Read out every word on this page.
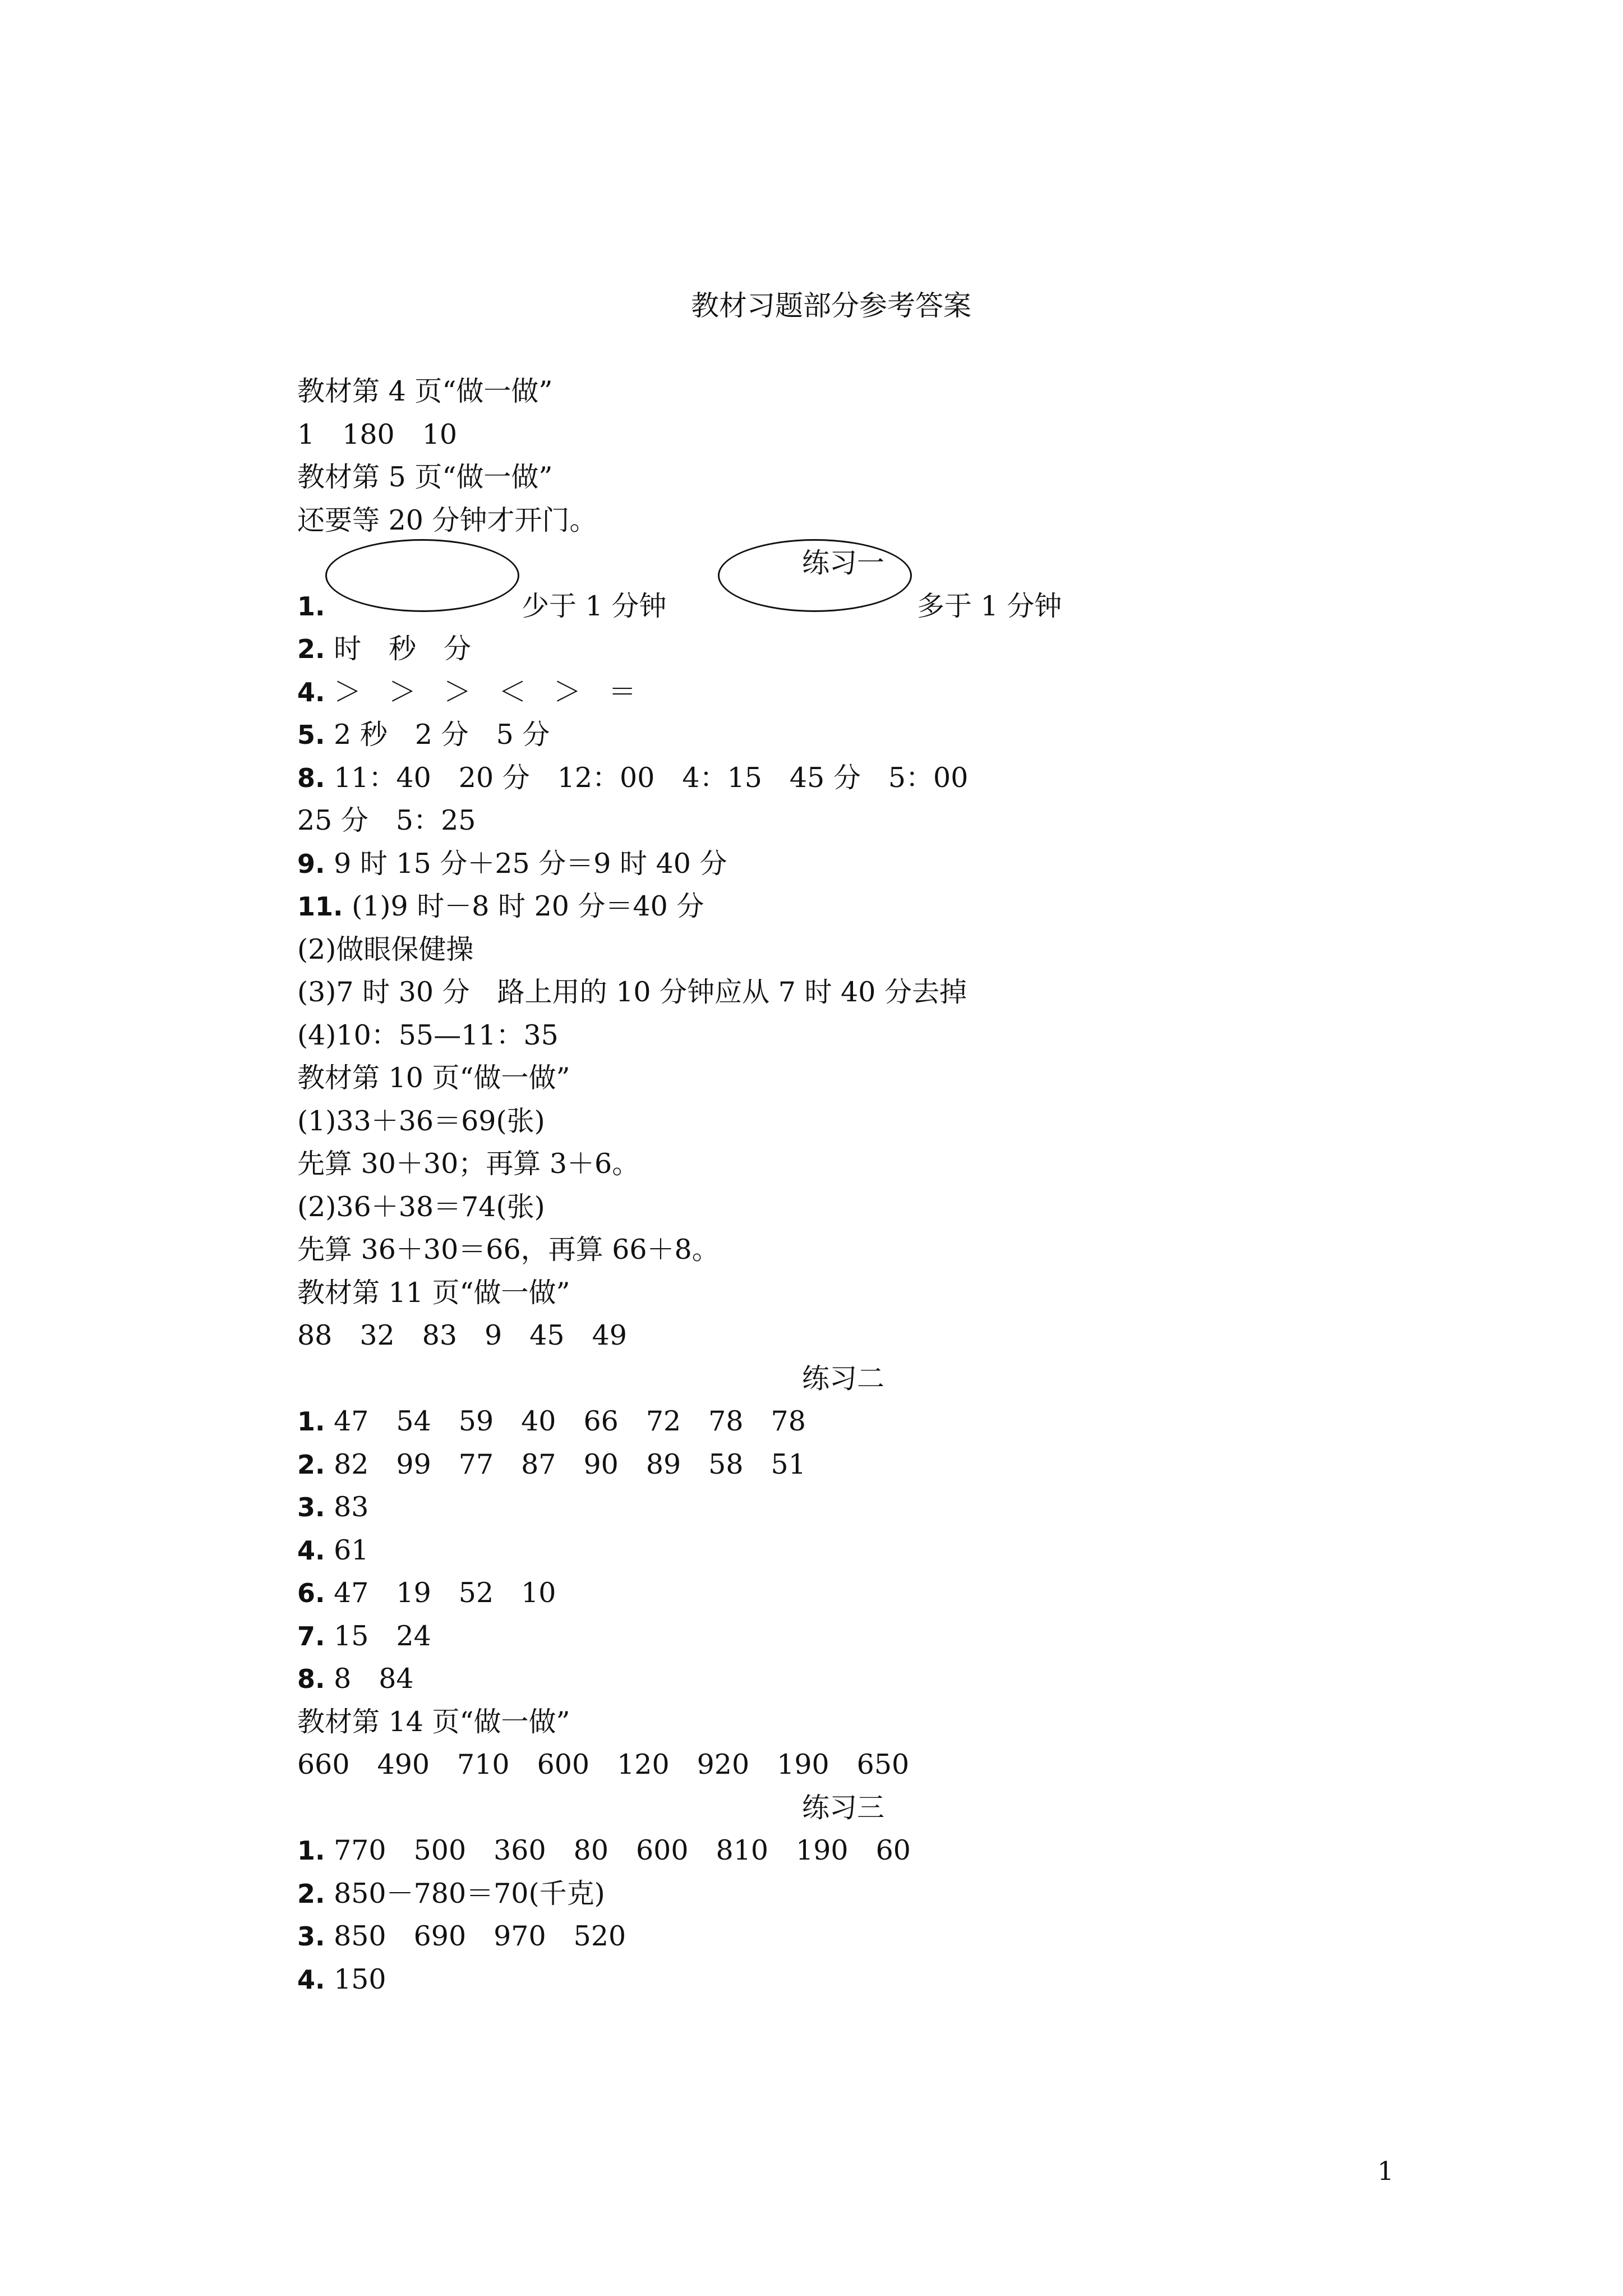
教材习题部分参考答案
教材第 4 页“做一做”
1　180　10
教材第 5 页“做一做”
还要等 20 分钟才开门。
练习一
1.	少于 1 分钟	多于 1 分钟
2. 时　秒　分
4. ＞　＞　＞　＜　＞　＝
5. 2 秒　2 分　5 分
8. 11：40　20 分　12：00　4：15　45 分　5：00
25 分　5：25
9. 9 时 15 分＋25 分＝9 时 40 分
11. (1)9 时－8 时 20 分＝40 分
(2)做眼保健操
(3)7 时 30 分　路上用的 10 分钟应从 7 时 40 分去掉
(4)10：55—11：35
教材第 10 页“做一做”
(1)33＋36＝69(张)
先算 30＋30；再算 3＋6。
(2)36＋38＝74(张)
先算 36＋30＝66，再算 66＋8。
教材第 11 页“做一做”
88　32　83　9　45　49
练习二
1. 47　54　59　40　66　72　78　78
2. 82　99　77　87　90　89　58　51
3. 83
4. 61
6. 47　19　52　10
7. 15　24
8. 8　84
教材第 14 页“做一做”
660　490　710　600　120　920　190　650
练习三
1. 770　500　360　80　600　810　190　60
2. 850－780＝70(千克)
3. 850　690　970　520
4. 150
1
